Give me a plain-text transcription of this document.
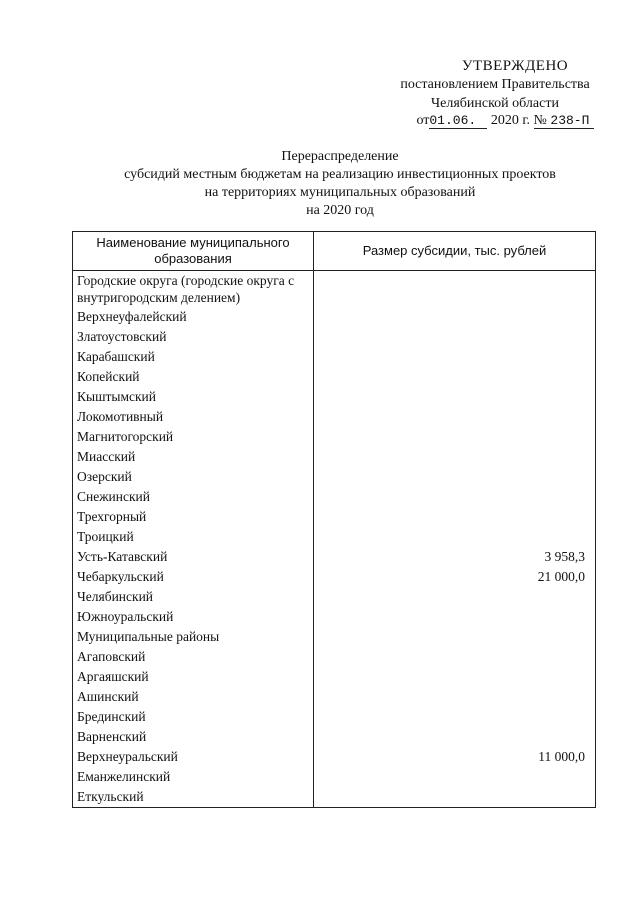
УТВЕРЖДЕНО
постановлением Правительства
Челябинской области
от01.06. 2020 г. № 238-П
Перераспределение
субсидий местным бюджетам на реализацию инвестиционных проектов
на территориях муниципальных образований
на 2020 год
Наименование муниципального образования	Размер субсидии, тыс. рублей
Городские округа (городские округа с внутригородским делением)	
Верхнеуфалейский	
Златоустовский	
Карабашский	
Копейский	
Кыштымский	
Локомотивный	
Магнитогорский	
Миасский	
Озерский	
Снежинский	
Трехгорный	
Троицкий	
Усть-Катавский	3 958,3
Чебаркульский	21 000,0
Челябинский	
Южноуральский	
Муниципальные районы	
Агаповский	
Аргаяшский	
Ашинский	
Брединский	
Варненский	
Верхнеуральский	11 000,0
Еманжелинский	
Еткульский	
